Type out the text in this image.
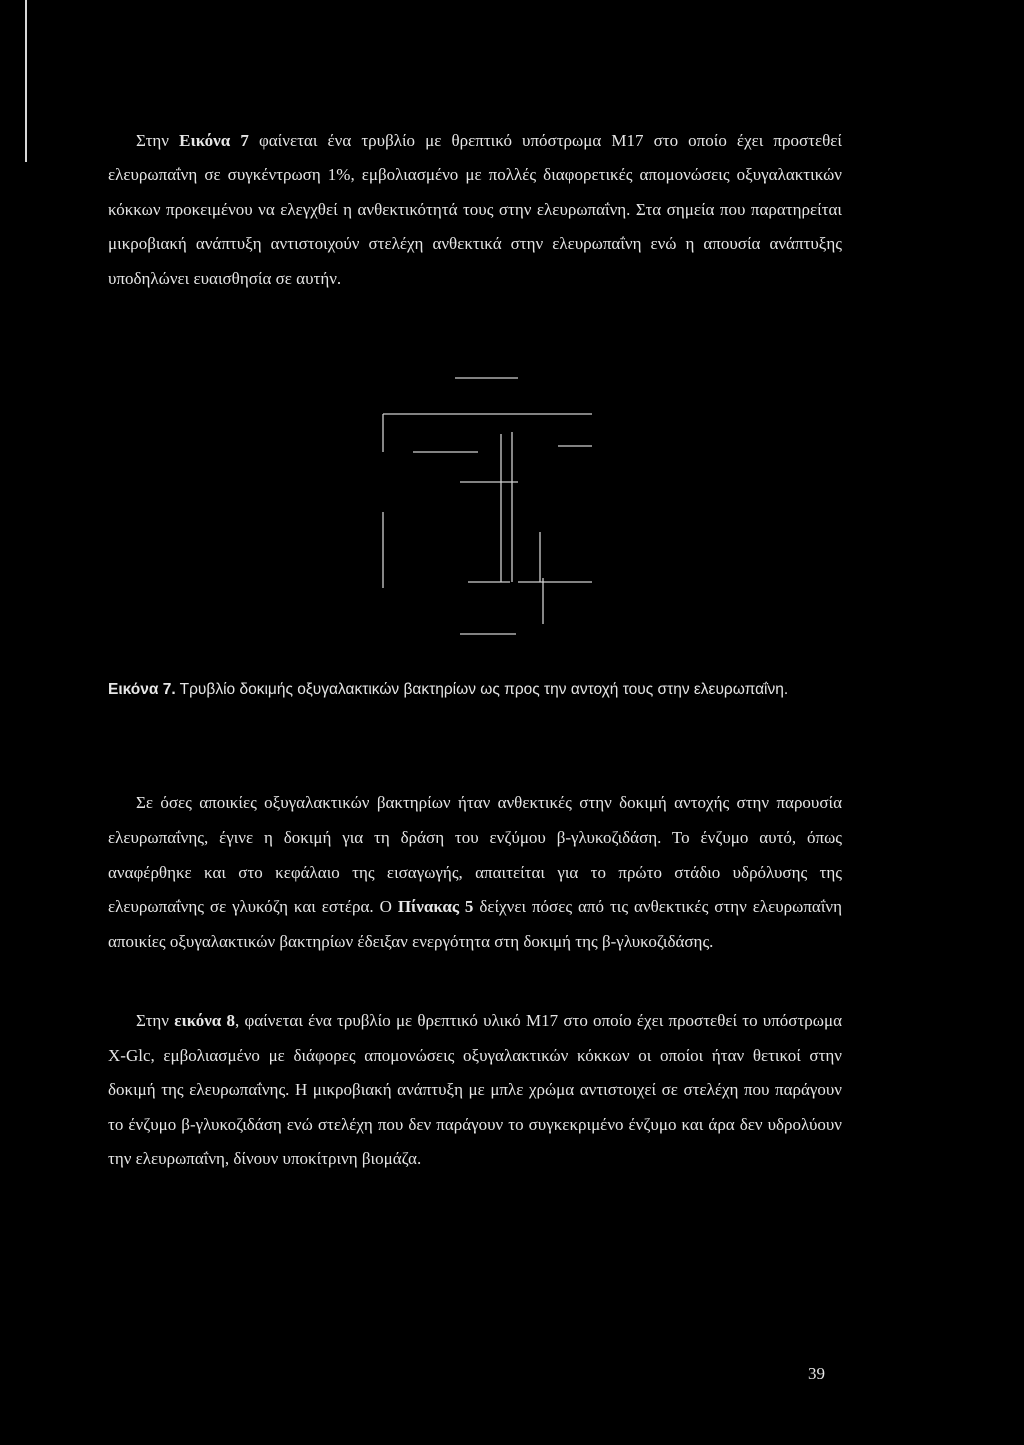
Στην Εικόνα 7 φαίνεται ένα τρυβλίο με θρεπτικό υπόστρωμα M17 στο οποίο έχει προστεθεί ελευρωπαΐνη σε συγκέντρωση 1%, εμβολιασμένο με πολλές διαφορετικές απομονώσεις οξυγαλακτικών κόκκων προκειμένου να ελεγχθεί η ανθεκτικότητά τους στην ελευρωπαΐνη. Στα σημεία που παρατηρείται μικροβιακή ανάπτυξη αντιστοιχούν στελέχη ανθεκτικά στην ελευρωπαΐνη ενώ η απουσία ανάπτυξης υποδηλώνει ευαισθησία σε αυτήν.

Εικόνα 7. Τρυβλίο δοκιμής οξυγαλακτικών βακτηρίων ως προς την αντοχή τους στην ελευρωπαΐνη.

Σε όσες αποικίες οξυγαλακτικών βακτηρίων ήταν ανθεκτικές στην δοκιμή αντοχής στην παρουσία ελευρωπαΐνης, έγινε η δοκιμή για τη δράση του ενζύμου β-γλυκοζιδάση. Το ένζυμο αυτό, όπως αναφέρθηκε και στο κεφάλαιο της εισαγωγής, απαιτείται για το πρώτο στάδιο υδρόλυσης της ελευρωπαΐνης σε γλυκόζη και εστέρα. Ο Πίνακας 5 δείχνει πόσες από τις ανθεκτικές στην ελευρωπαΐνη αποικίες οξυγαλακτικών βακτηρίων έδειξαν ενεργότητα στη δοκιμή της β-γλυκοζιδάσης.

Στην εικόνα 8, φαίνεται ένα τρυβλίο με θρεπτικό υλικό M17 στο οποίο έχει προστεθεί το υπόστρωμα X-Glc, εμβολιασμένο με διάφορες απομονώσεις οξυγαλακτικών κόκκων οι οποίοι ήταν θετικοί στην δοκιμή της ελευρωπαΐνης. Η μικροβιακή ανάπτυξη με μπλε χρώμα αντιστοιχεί σε στελέχη που παράγουν το ένζυμο β-γλυκοζιδάση ενώ στελέχη που δεν παράγουν το συγκεκριμένο ένζυμο και άρα δεν υδρολύουν την ελευρωπαΐνη, δίνουν υποκίτρινη βιομάζα.

39
